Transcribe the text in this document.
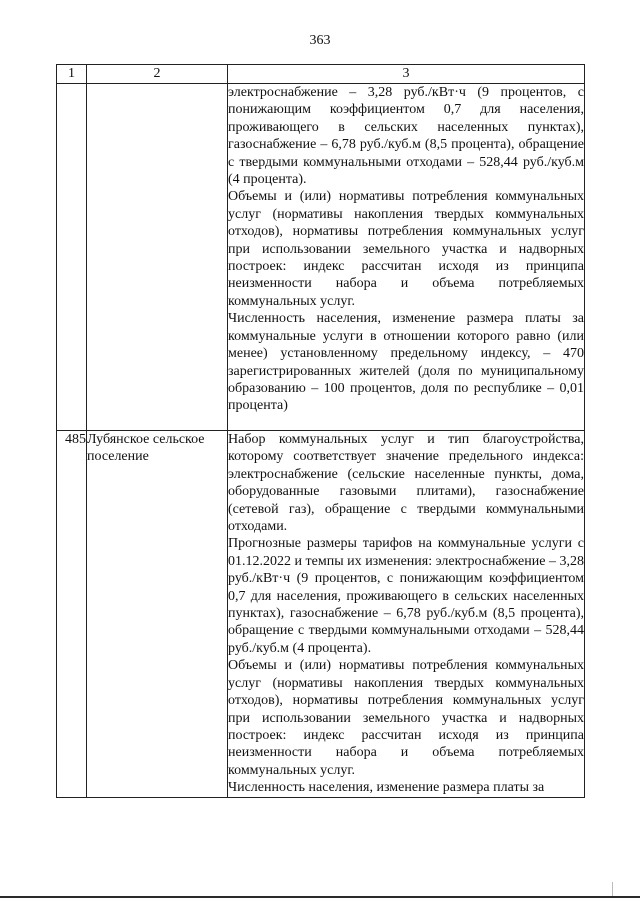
363
1	2	3

		электроснабжение – 3,28 руб./кВт·ч (9 процентов, с понижающим коэффициентом 0,7 для населения, проживающего в сельских населенных пунктах), газоснабжение – 6,78 руб./куб.м (8,5 процента), обращение с твердыми коммунальными отходами – 528,44 руб./куб.м (4 процента).

Объемы и (или) нормативы потребления коммунальных услуг (нормативы накопления твердых коммунальных отходов), нормативы потребления коммунальных услуг при использовании земельного участка и надворных построек: индекс рассчитан исходя из принципа неизменности набора и объема потребляемых коммунальных услуг.

Численность населения, изменение размера платы за коммунальные услуги в отношении которого равно (или менее) установленному предельному индексу, – 470 зарегистрированных жителей (доля по муниципальному образованию – 100 процентов, доля по республике – 0,01 процента)

485	Лубянское сельское поселение	Набор коммунальных услуг и тип благоустройства, которому соответствует значение предельного индекса: электроснабжение (сельские населенные пункты, дома, оборудованные газовыми плитами), газоснабжение (сетевой газ), обращение с твердыми коммунальными отходами.

Прогнозные размеры тарифов на коммунальные услуги с 01.12.2022 и темпы их изменения: электроснабжение – 3,28 руб./кВт·ч (9 процентов, с понижающим коэффициентом 0,7 для населения, проживающего в сельских населенных пунктах), газоснабжение – 6,78 руб./куб.м (8,5 процента), обращение с твердыми коммунальными отходами – 528,44 руб./куб.м (4 процента).

Объемы и (или) нормативы потребления коммунальных услуг (нормативы накопления твердых коммунальных отходов), нормативы потребления коммунальных услуг при использовании земельного участка и надворных построек: индекс рассчитан исходя из принципа неизменности набора и объема потребляемых коммунальных услуг.

Численность населения, изменение размера платы за
